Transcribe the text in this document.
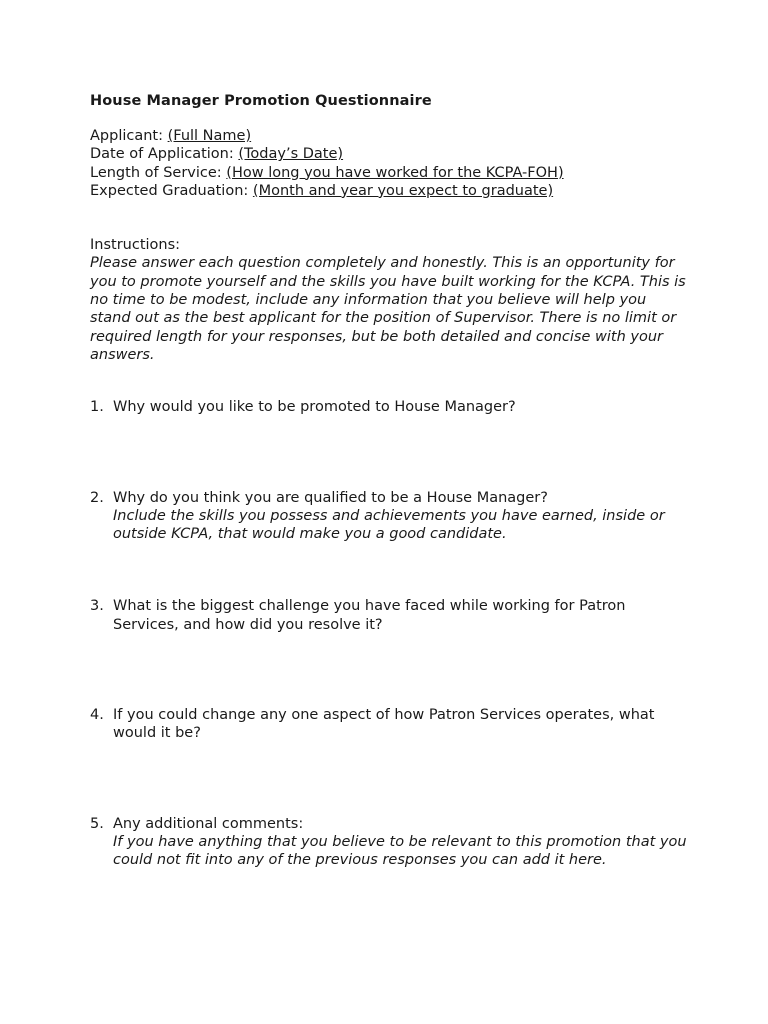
House Manager Promotion Questionnaire
Applicant: (Full Name)
Date of Application: (Today’s Date)
Length of Service: (How long you have worked for the KCPA-FOH)
Expected Graduation: (Month and year you expect to graduate)
Instructions:
Please answer each question completely and honestly. This is an opportunity for you to promote yourself and the skills you have built working for the KCPA. This is no time to be modest, include any information that you believe will help you stand out as the best applicant for the position of Supervisor. There is no limit or required length for your responses, but be both detailed and concise with your answers.
1. Why would you like to be promoted to House Manager?
2. Why do you think you are qualified to be a House Manager?
Include the skills you possess and achievements you have earned, inside or outside KCPA, that would make you a good candidate.
3. What is the biggest challenge you have faced while working for Patron Services, and how did you resolve it?
4. If you could change any one aspect of how Patron Services operates, what would it be?
5. Any additional comments:
If you have anything that you believe to be relevant to this promotion that you could not fit into any of the previous responses you can add it here.
